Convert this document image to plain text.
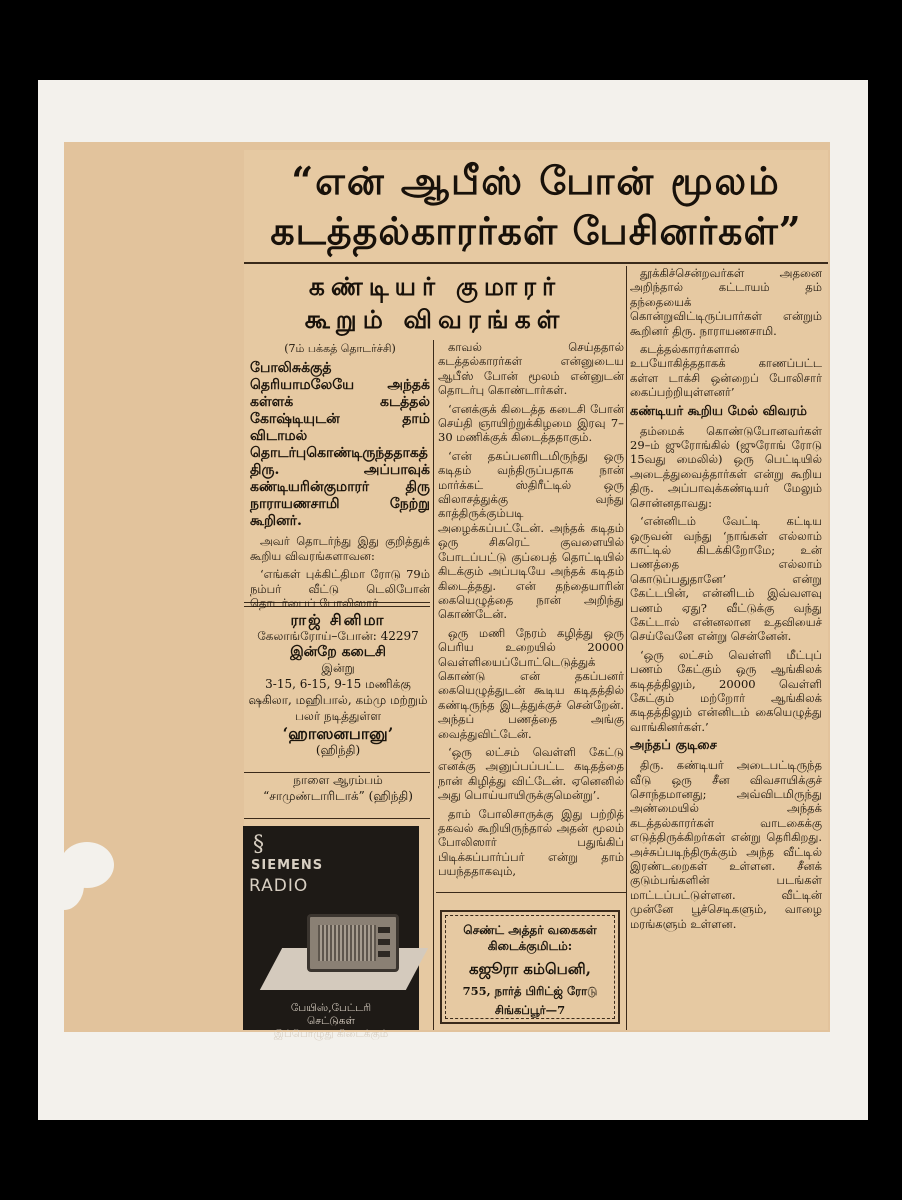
“என் ஆபீஸ் போன் மூலம்
கடத்தல்காரர்கள் பேசினர்கள்”
கண்டியர் குமாரர்
கூறும் விவரங்கள்

(7ம் பக்கத் தொடர்ச்சி)

போலிசுக்குத் தெரியாமலேயே அந்தக் கள்ளக் கடத்தல் கோஷ்டியுடன் தாம் விடாமல் தொடர்புகொண்டிருந்ததாகத் திரு. அப்பாவுக் கண்டியரின்குமாரர் திரு நாராயணசாமி நேற்று கூறினர்.

அவர் தொடர்ந்து இது குறித்துக் கூறிய விவரங்களாவன:

‘எங்கள் புக்கிட்திமா ரோடு 79ம் நம்பர் வீட்டு டெலிபோன் தொடர்பைப் போலிஸார்

ராஜ் சினிமா
கேலாங்ரோய்–போன்: 42297
இன்றே கடைசி
இன்று
3-15, 6-15, 9-15 மணிக்கு
ஷகிலா, மஹிபால், கம்மு மற்றும் பலர் நடித்துள்ள
‘ஹாஸனபானு’
(ஹிந்தி)
நாளை ஆரம்பம்
“சாமுண்டாரிடாக்” (ஹிந்தி)
§
SIEMENS
RADIO
பேயிஸ்,பேட்டரி
செட்டுகள்
இப்பொழுது கிடைக்கும்

காவல் செய்ததால் கடத்தல்காரர்கள் என்னுடைய ஆபீஸ் போன் மூலம் என்னுடன் தொடர்பு கொண்டார்கள்.

‘எனக்குக் கிடைத்த கடைசி போன் செய்தி ஞாயிற்றுக்கிழமை இரவு 7–30 மணிக்குக் கிடைத்ததாகும்.

‘என் தகப்பனரிடமிருந்து ஒரு கடிதம் வந்திருப்பதாக நான் மார்க்கட் ஸ்திரீட்டில் ஒரு விலாசத்துக்கு வந்து காத்திருக்கும்படி அழைக்கப்பட்டேன். அந்தக் கடிதம் ஒரு சிகரெட் குவளையில் போடப்பட்டு குப்பைத் தொட்டியில் கிடக்கும் அப்படியே அந்தக் கடிதம் கிடைத்தது. என் தந்தையாரின் கையெழுத்தை நான் அறிந்து கொண்டேன்.

ஒரு மணி நேரம் கழித்து ஒரு பெரிய உறையில் 20000 வெள்ளியைப்போட்டெடுத்துக் கொண்டு என் தகப்பனர் கையெழுத்துடன் கூடிய கடிதத்தில் கண்டிருந்த இடத்துக்குச் சென்றேன். அந்தப் பணத்தை அங்கு வைத்துவிட்டேன்.

‘ஒரு லட்சம் வெள்ளி கேட்டு எனக்கு அனுப்பப்பட்ட கடிதத்தை நான் கிழித்து விட்டேன். ஏனெனில் அது பொய்யாயிருக்குமென்று’.

தாம் போலிசாருக்கு இது பற்றித் தகவல் கூறியிருந்தால் அதன் மூலம் போலிஸார் பதுங்கிப் பிடிக்கப்பார்ப்பர் என்று தாம் பயந்ததாகவும்,

செண்ட் அத்தர் வகைகள்
கிடைக்குமிடம்:
கஜூரா கம்பெனி,
755, நார்த் பிரிட்ஜ் ரோடு
சிங்கப்பூர்—7

தூக்கிச்சென்றவர்கள் அதனை அறிந்தால் கட்டாயம் தம் தந்தையைக் கொன்றுவிட்டிருப்பார்கள் என்றும் கூறினர் திரு. நாராயணசாமி.

கடத்தல்காரர்களால் உபயோகித்ததாகக் காணப்பட்ட கள்ள டாக்சி ஒன்றைப் போலிசார் கைப்பற்றியுள்ளனர்’

கண்டியர் கூறிய மேல் விவரம்

தம்மைக் கொண்டுபோனவர்கள் 29–ம் ஜுரோங்கில் (ஜுரோங் ரோடு 15வது மைலில்) ஒரு பெட்டியில் அடைத்துவைத்தார்கள் என்று கூறிய திரு. அப்பாவுக்கண்டியர் மேலும் சொன்னதாவது:

‘என்னிடம் வேட்டி கட்டிய ஒருவன் வந்து ‘நாங்கள் எல்லாம் காட்டில் கிடக்கிறோமே; உன் பணத்தை எல்லாம் கொடுப்பதுதானே’ என்று கேட்டபின், என்னிடம் இவ்வளவு பணம் ஏது? வீட்டுக்கு வந்து கேட்டால் என்னலான உதவியைச் செய்வேனே என்று சென்னேன்.

‘ஒரு லட்சம் வெள்ளி மீட்புப் பணம் கேட்கும் ஒரு ஆங்கிலக் கடிதத்திலும், 20000 வெள்ளி கேட்கும் மற்றோர் ஆங்கிலக் கடிதத்திலும் என்னிடம் கையெழுத்து வாங்கினர்கள்.’

அந்தப் குடிசை

திரு. கண்டியர் அடைபட்டிருந்த வீடு ஒரு சீன விவசாயிக்குச் சொந்தமானது; அவ்விடமிருந்து அண்மையில் அந்தக் கடத்தல்காரர்கள் வாடகைக்கு எடுத்திருக்கிறர்கள் என்று தெரிகிறது. அச்சுப்படிந்திருக்கும் அந்த வீட்டில் இரண்டறைகள் உள்ளன. சீனக் குடும்பங்களின் படங்கள் மாட்டப்பட்டுள்ளன. வீட்டின் முன்னே பூச்செடிகளும், வாழை மரங்களும் உள்ளன.
